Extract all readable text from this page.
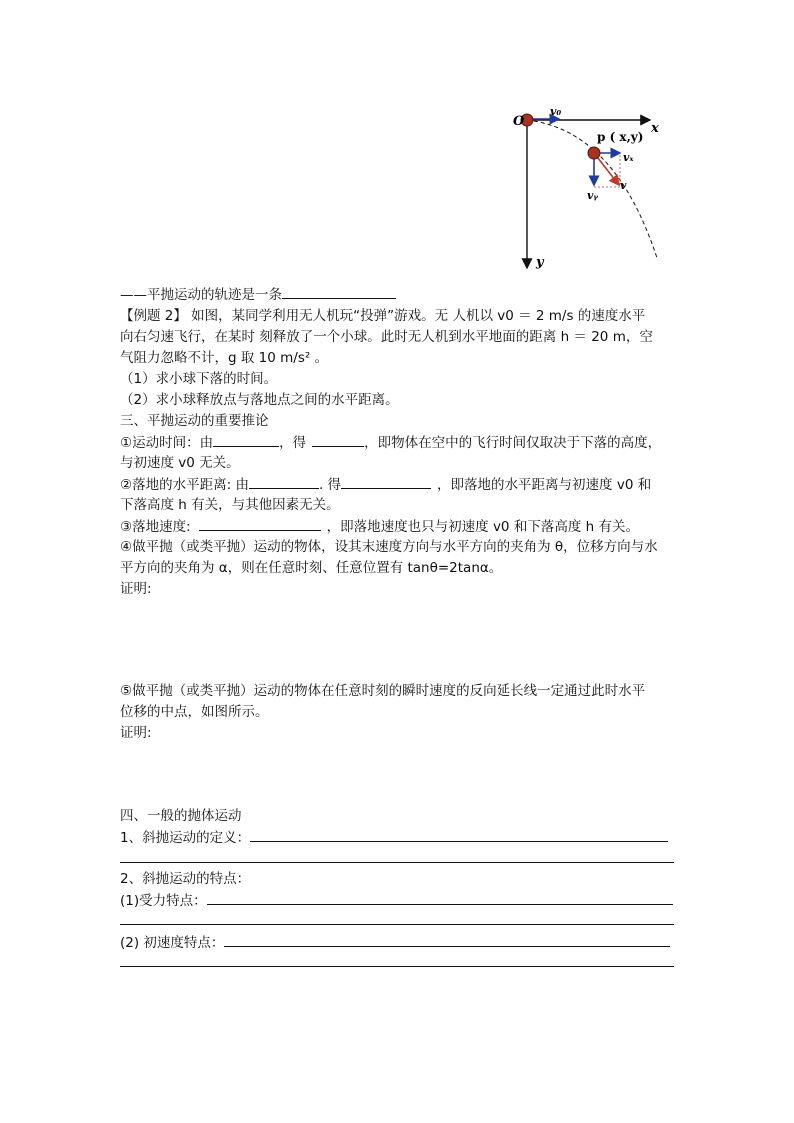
O
v₀
x
y
p ( x,y)
vₓ
vᵧ
v
——平抛运动的轨迹是一条
【例题 2】 如图，某同学利用无人机玩“投弹”游戏。无 人机以 v0 ＝ 2 m/s 的速度水平
向右匀速飞行，在某时 刻释放了一个小球。此时无人机到水平地面的距离 h ＝ 20 m，空
气阻力忽略不计，g 取 10 m/s² 。
（1）求小球下落的时间。
（2）求小球释放点与落地点之间的水平距离。
三、平抛运动的重要推论
①运动时间：由	，得	，即物体在空中的飞行时间仅取决于下落的高度，
与初速度 v0 无关。
②落地的水平距离: 由	. 得	，即落地的水平距离与初速度 v0 和
下落高度 h 有关，与其他因素无关。
③落地速度:	，即落地速度也只与初速度 v0 和下落高度 h 有关。
④做平抛（或类平抛）运动的物体，设其末速度方向与水平方向的夹角为 θ，位移方向与水
平方向的夹角为 α，则在任意时刻、任意位置有 tanθ=2tanα。
证明:
⑤做平抛（或类平抛）运动的物体在任意时刻的瞬时速度的反向延长线一定通过此时水平
位移的中点，如图所示。
证明:
四、一般的抛体运动
1、斜抛运动的定义：
2、斜抛运动的特点：
(1)受力特点：
(2) 初速度特点：
